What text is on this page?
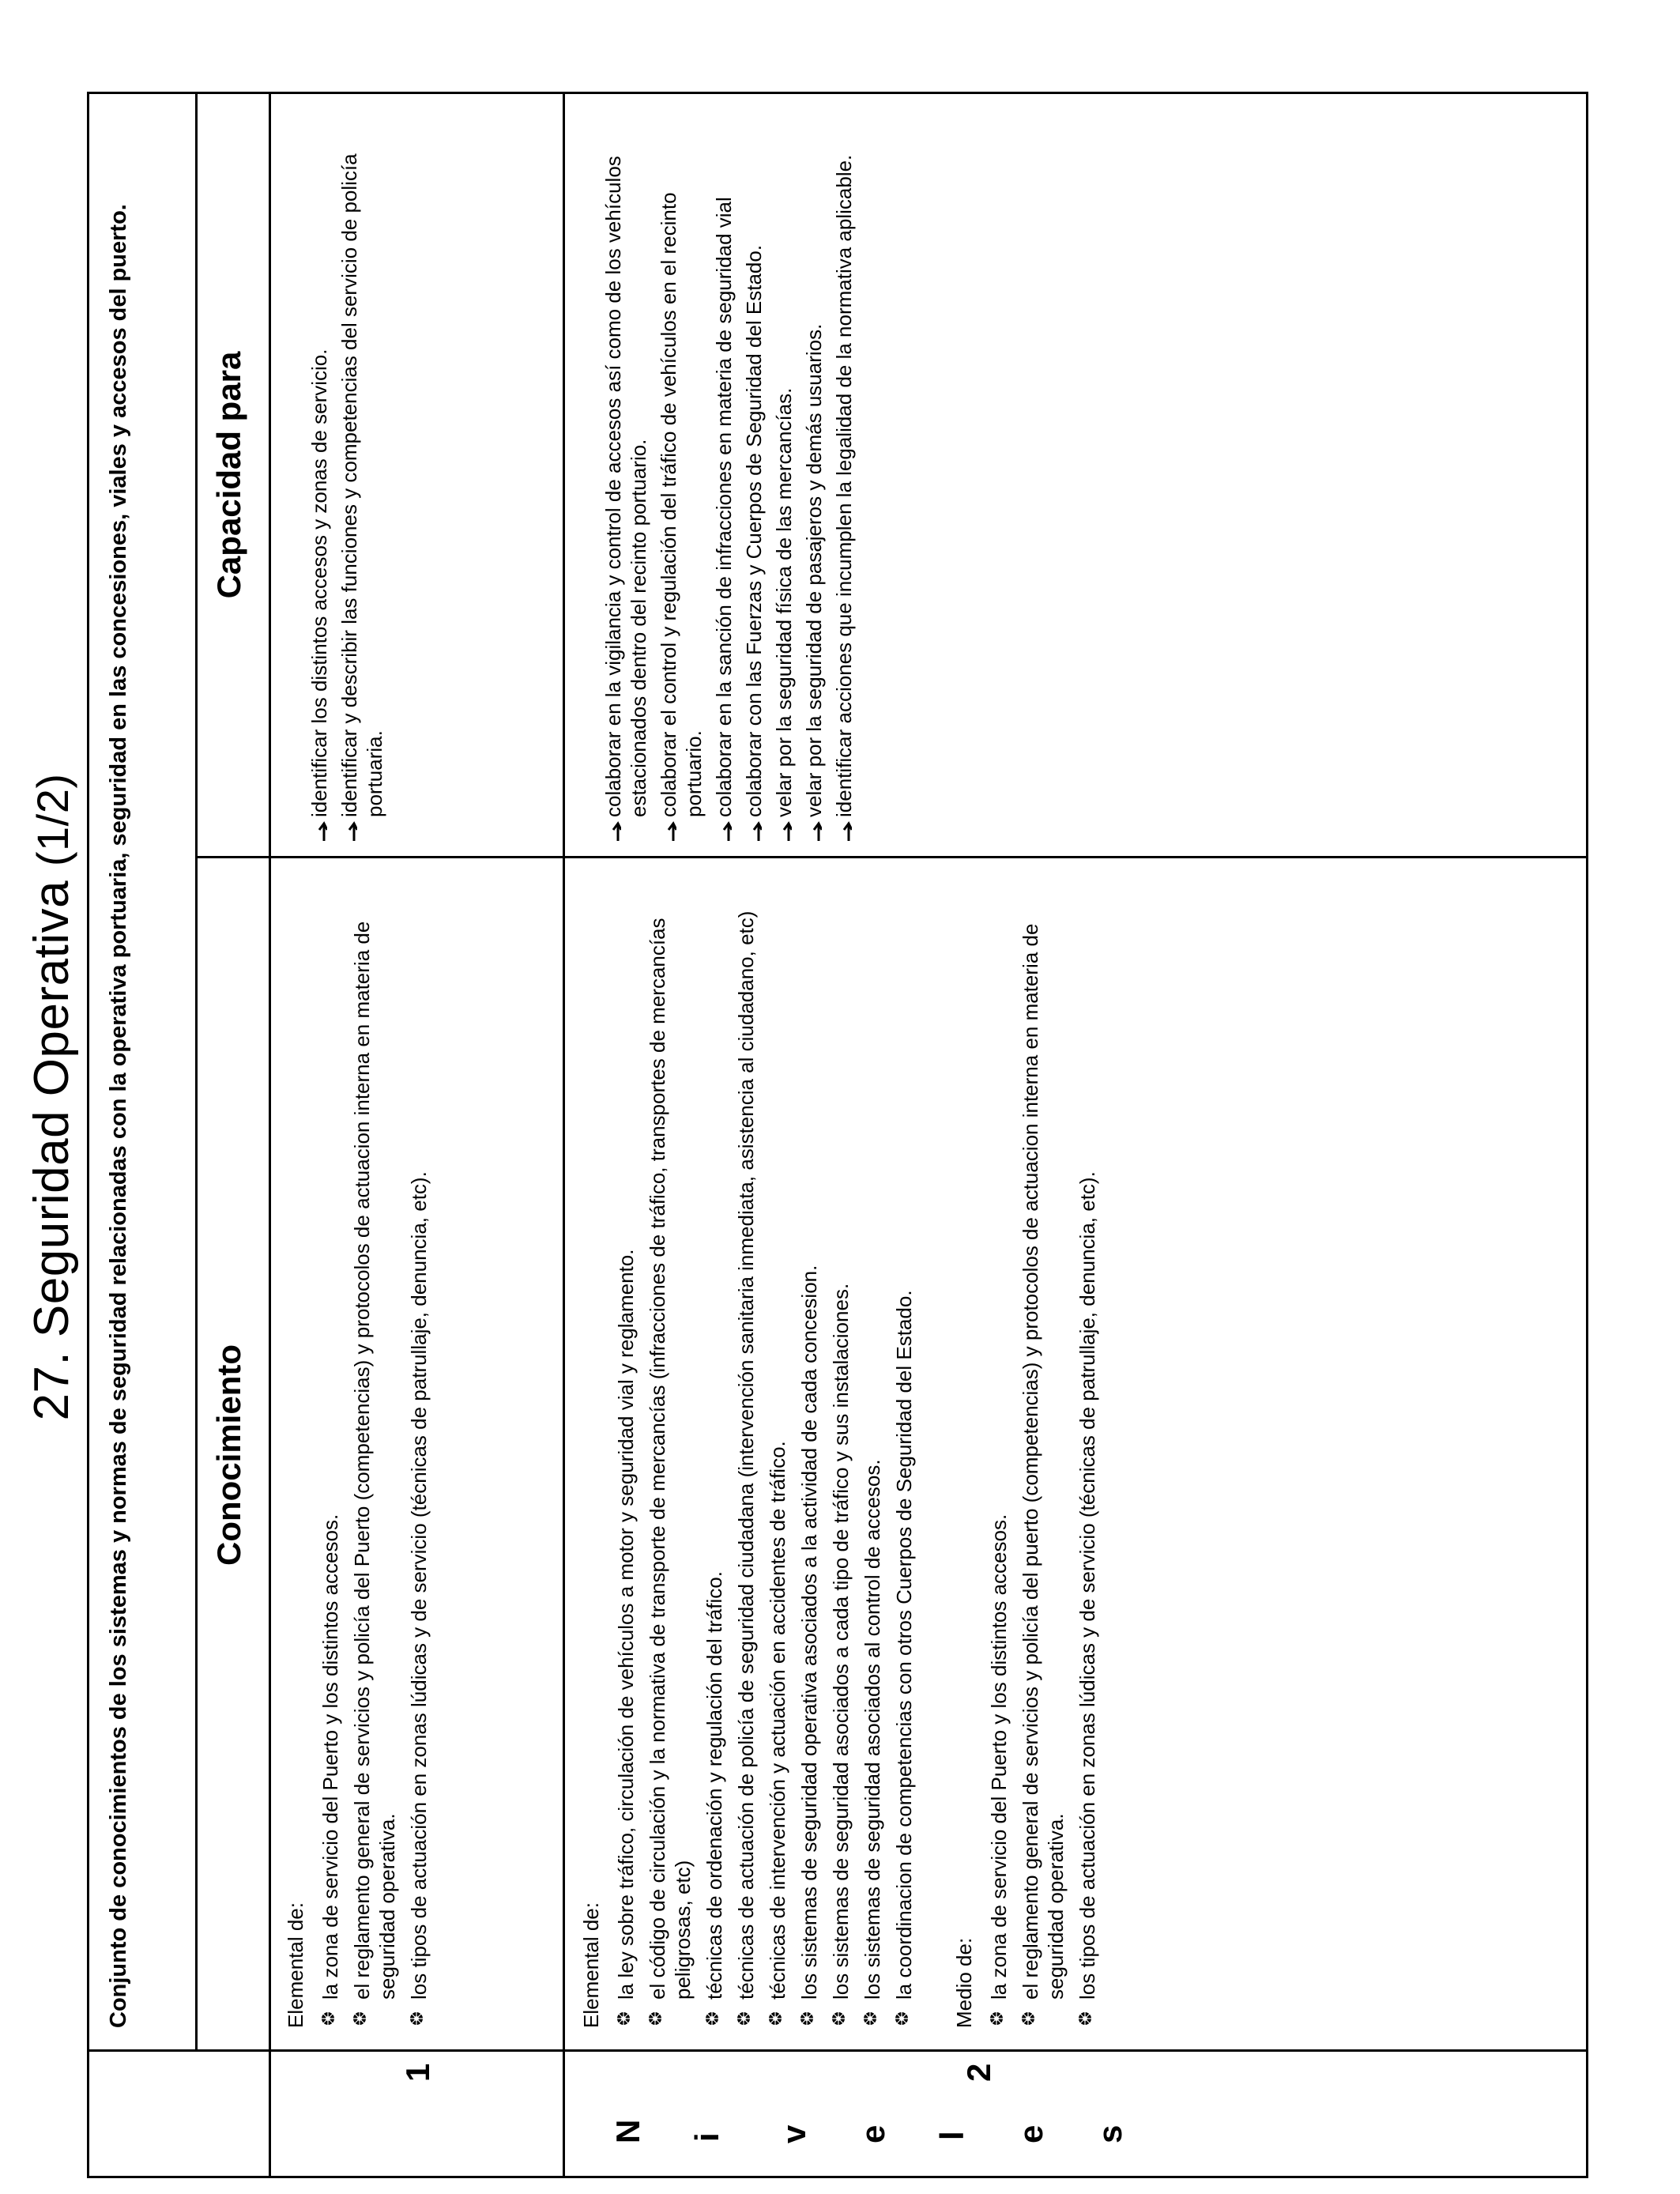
27. Seguridad Operativa (1/2) Conjunto de conocimientos de los sistemas y normas de seguridad relacionadas con la operativa portuaria, seguridad en las concesiones, viales y accesos del puerto. Conocimiento
Capacidad para
N i v e l e s
1	2
Elemental de: la zona de servicio del Puerto y los distintos accesos. el reglamento general de servicios y policía del Puerto (competencias) y protocolos de actuacion interna en materia de seguridad operativa. los tipos de actuación en zonas lúdicas y de servicio (técnicas de patrullaje, denuncia, etc).
identificar los distintos accesos y zonas de servicio. identificar y describir las funciones y competencias del servicio de policía portuaria.
Elemental de: la ley sobre tráfico, circulación de vehículos a motor y seguridad vial y reglamento. el código de circulación y la normativa de transporte de mercancías (infracciones de tráfico, transportes de mercancías peligrosas, etc) técnicas de ordenación y regulación del tráfico. técnicas de actuación de policía de seguridad ciudadana (intervención sanitaria inmediata, asistencia al ciudadano, etc) técnicas de intervención y actuación en accidentes de tráfico. los sistemas de seguridad operativa asociados a la actividad de cada concesion. los sistemas de seguridad asociados a cada tipo de tráfico y sus instalaciones. los sistemas de seguridad asociados al control de accesos. la coordinacion de competencias con otros Cuerpos de Seguridad del Estado. Medio de: la zona de servicio del Puerto y los distintos accesos. el reglamento general de servicios y policía del puerto (competencias) y protocolos de actuacion interna en materia de seguridad operativa. los tipos de actuación en zonas lúdicas y de servicio (técnicas de patrullaje, denuncia, etc).
colaborar en la vigilancia y control de accesos así como de los vehículos estacionados dentro del recinto portuario. colaborar el control y regulación del tráfico de vehículos en el recinto portuario. colaborar en la sanción de infracciones en materia de seguridad vial colaborar con las Fuerzas y Cuerpos de Seguridad del Estado. velar por la seguridad física de las mercancías. velar por la seguridad de pasajeros y demás usuarios. identificar acciones que incumplen la legalidad de la normativa aplicable.
